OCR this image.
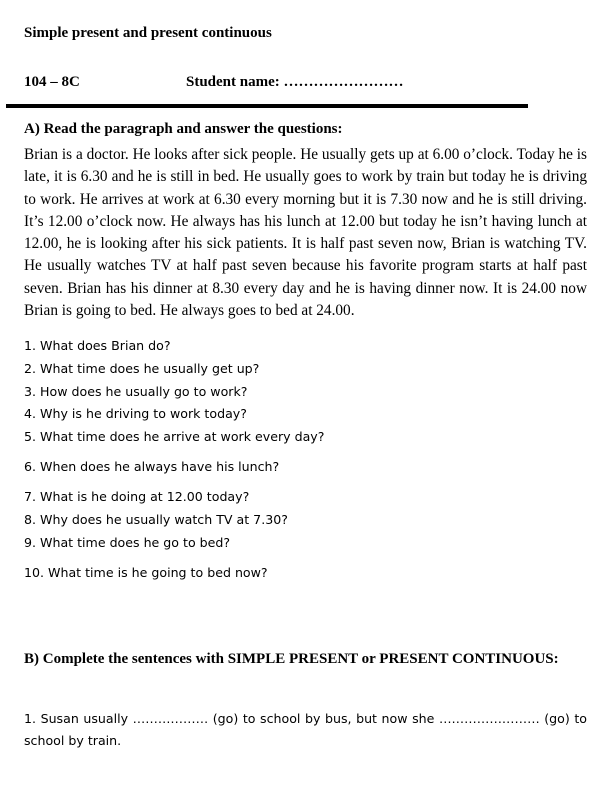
Simple present and present continuous
104 – 8C	Student name: ……………………
A) Read the paragraph and answer the questions:
Brian is a doctor. He looks after sick people. He usually gets up at 6.00 o’clock. Today he is late, it is 6.30 and he is still in bed. He usually goes to work by train but today he is driving to work. He arrives at work at 6.30 every morning but it is 7.30 now and he is still driving. It’s 12.00 o’clock now. He always has his lunch at 12.00 but today he isn’t having lunch at 12.00, he is looking after his sick patients. It is half past seven now, Brian is watching TV. He usually watches TV at half past seven because his favorite program starts at half past seven. Brian has his dinner at 8.30 every day and he is having dinner now. It is 24.00 now Brian is going to bed. He always goes to bed at 24.00.
1. What does Brian do?
2. What time does he usually get up?
3. How does he usually go to work?
4. Why is he driving to work today?
5. What time does he arrive at work every day?
6. When does he always have his lunch?
7. What is he doing at 12.00 today?
8. Why does he usually watch TV at 7.30?
9. What time does he go to bed?
10. What time is he going to bed now?
B) Complete the sentences with SIMPLE PRESENT or PRESENT CONTINUOUS:
1. Susan usually ……………… (go) to school by bus, but now she …………………… (go) to school by train.
